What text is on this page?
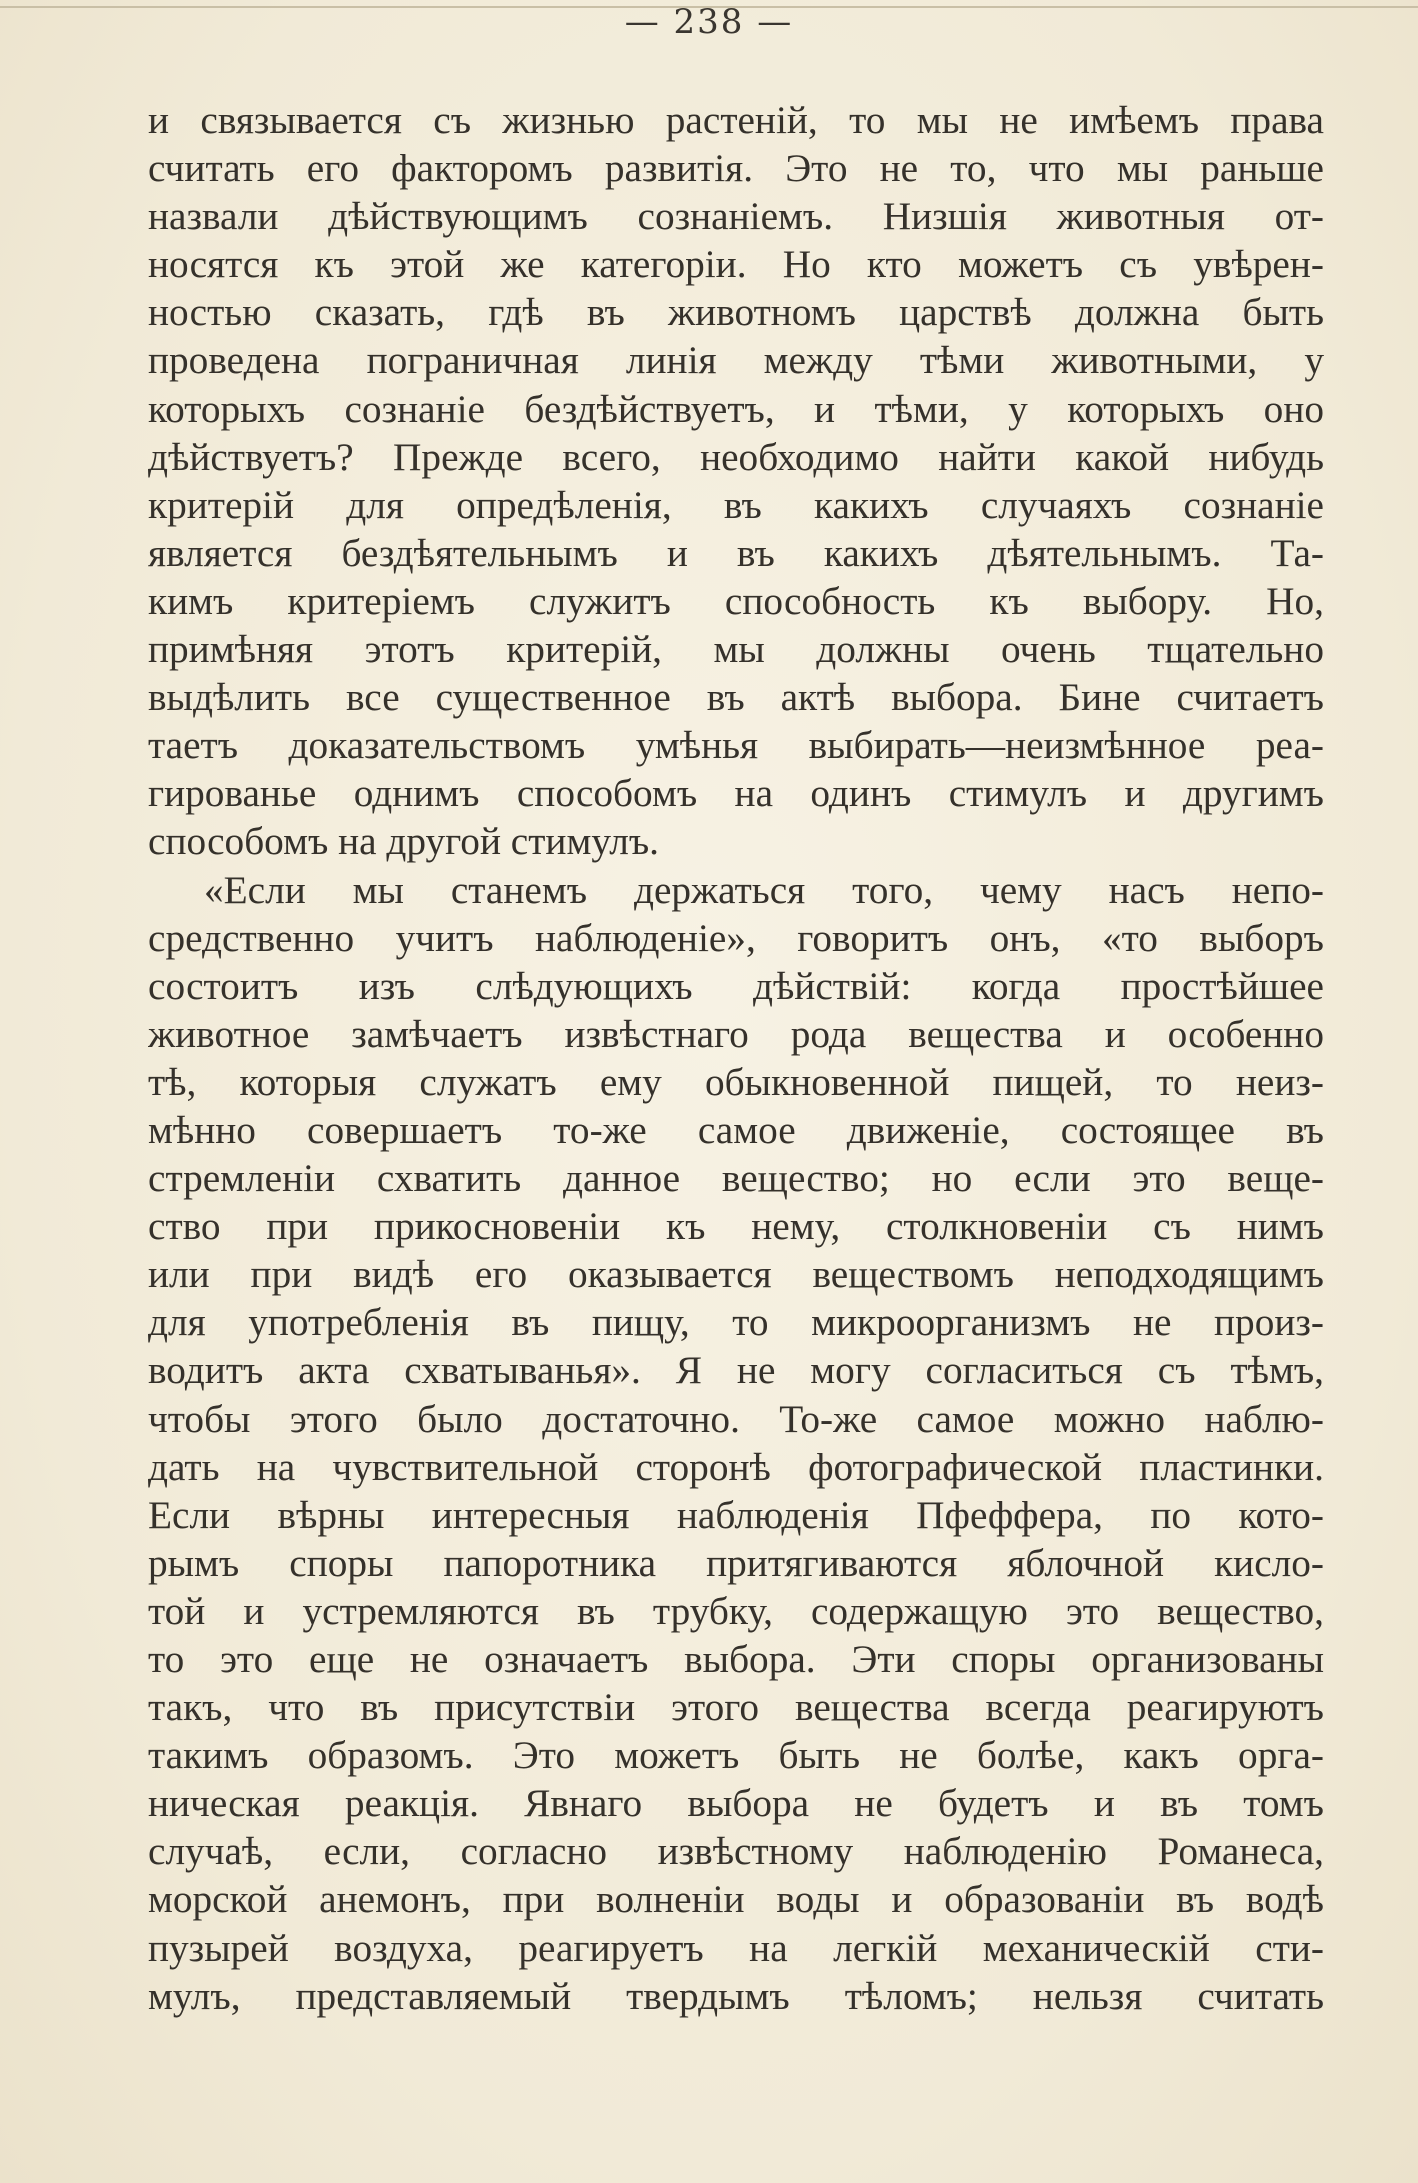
— 238 —
и связывается съ жизнью растеній, то мы не имѣемъ права
считать его факторомъ развитія. Это не то, что мы раньше
назвали дѣйствующимъ сознаніемъ. Низшія животныя от-
носятся къ этой же категоріи. Но кто можетъ съ увѣрен-
ностью сказать, гдѣ въ животномъ царствѣ должна быть
проведена пограничная линія между тѣми животными, у
которыхъ сознаніе бездѣйствуетъ, и тѣми, у которыхъ оно
дѣйствуетъ? Прежде всего, необходимо найти какой нибудь
критерій для опредѣленія, въ какихъ случаяхъ сознаніе
является бездѣятельнымъ и въ какихъ дѣятельнымъ. Та-
кимъ критеріемъ служитъ способность къ выбору. Но,
примѣняя этотъ критерій, мы должны очень тщательно
выдѣлить все существенное въ актѣ выбора. Бине считаетъ
таетъ доказательствомъ умѣнья выбирать—неизмѣнное реа-
гированье однимъ способомъ на одинъ стимулъ и другимъ
способомъ на другой стимулъ.
«Если мы станемъ держаться того, чему насъ непо-
средственно учитъ наблюденіе», говоритъ онъ, «то выборъ
состоитъ изъ слѣдующихъ дѣйствій: когда простѣйшее
животное замѣчаетъ извѣстнаго рода вещества и особенно
тѣ, которыя служатъ ему обыкновенной пищей, то неиз-
мѣнно совершаетъ то-же самое движеніе, состоящее въ
стремленіи схватить данное вещество; но если это веще-
ство при прикосновеніи къ нему, столкновеніи съ нимъ
или при видѣ его оказывается веществомъ неподходящимъ
для употребленія въ пищу, то микроорганизмъ не произ-
водитъ акта схватыванья». Я не могу согласиться съ тѣмъ,
чтобы этого было достаточно. То-же самое можно наблю-
дать на чувствительной сторонѣ фотографической пластинки.
Если вѣрны интересныя наблюденія Пфеффера, по кото-
рымъ споры папоротника притягиваются яблочной кисло-
той и устремляются въ трубку, содержащую это вещество,
то это еще не означаетъ выбора. Эти споры организованы
такъ, что въ присутствіи этого вещества всегда реагируютъ
такимъ образомъ. Это можетъ быть не болѣе, какъ орга-
ническая реакція. Явнаго выбора не будетъ и въ томъ
случаѣ, если, согласно извѣстному наблюденію Романеса,
морской анемонъ, при волненіи воды и образованіи въ водѣ
пузырей воздуха, реагируетъ на легкій механическій сти-
мулъ, представляемый твердымъ тѣломъ; нельзя считать
